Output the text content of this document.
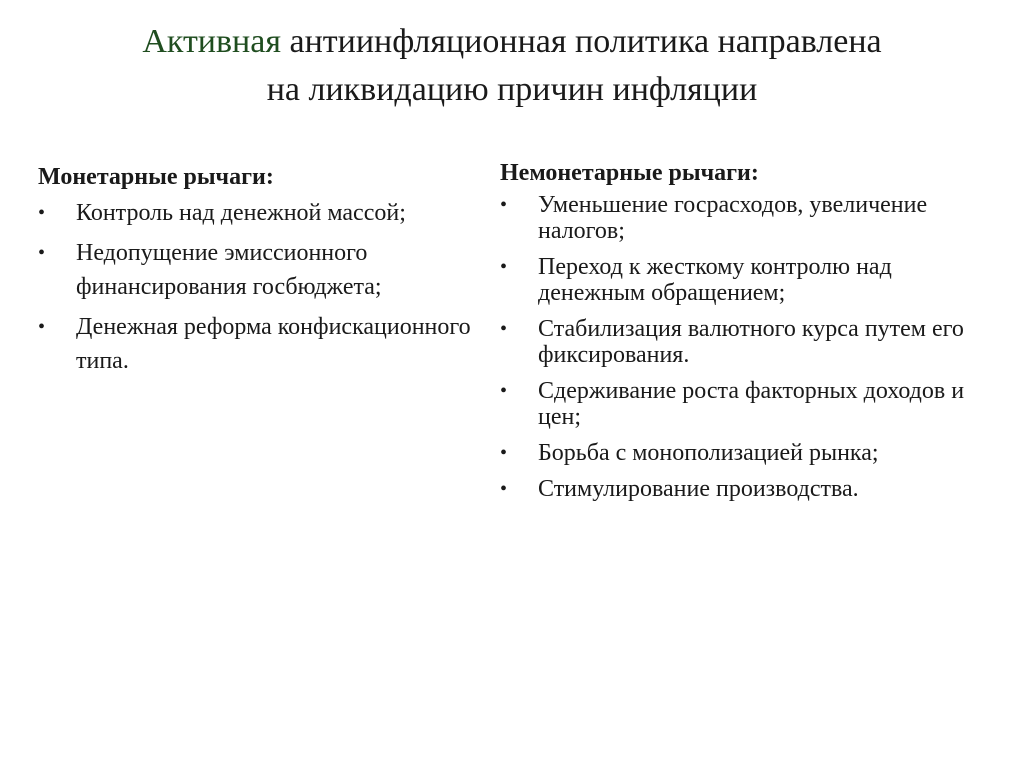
Активная антиинфляционная политика направлена
на ликвидацию причин инфляции
Монетарные рычаги:
• Контроль над денежной массой;
• Недопущение эмиссионного финансирования госбюджета;
• Денежная реформа конфискационного типа.
Немонетарные рычаги:
• Уменьшение госрасходов, увеличение налогов;
• Переход к жесткому контролю над денежным обращением;
• Стабилизация валютного курса путем его фиксирования.
• Сдерживание роста факторных доходов и цен;
• Борьба с монополизацией рынка;
• Стимулирование производства.
